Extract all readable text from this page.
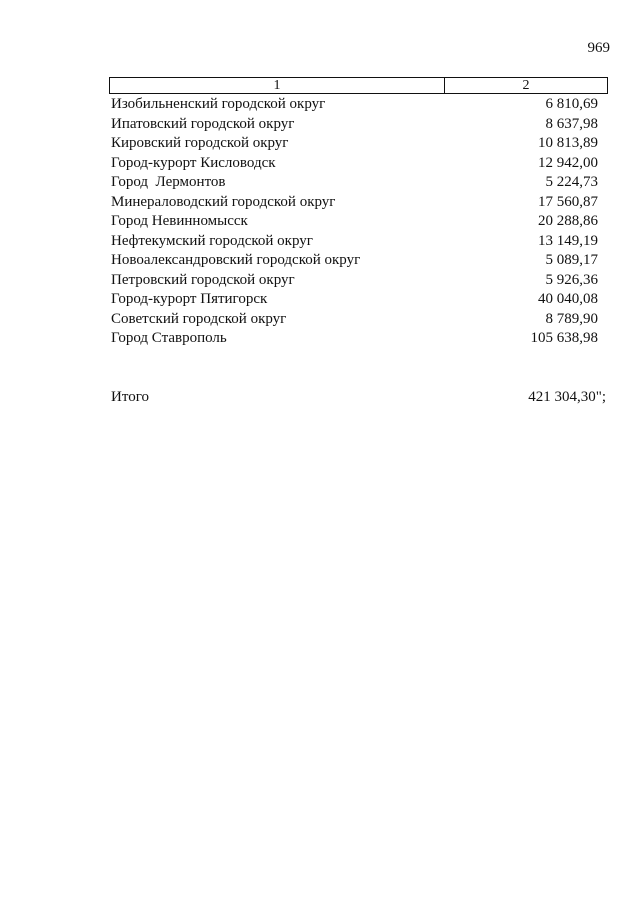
969
1	2
Изобильненский городской округ	6 810,69
Ипатовский городской округ	8 637,98
Кировский городской округ	10 813,89
Город-курорт Кисловодск	12 942,00
Город  Лермонтов	5 224,73
Минераловодский городской округ	17 560,87
Город Невинномысск	20 288,86
Нефтекумский городской округ	13 149,19
Новоалександровский городской округ	5 089,17
Петровский городской округ	5 926,36
Город-курорт Пятигорск	40 040,08
Советский городской округ	8 789,90
Город Ставрополь	105 638,98
Итого	421 304,30";
